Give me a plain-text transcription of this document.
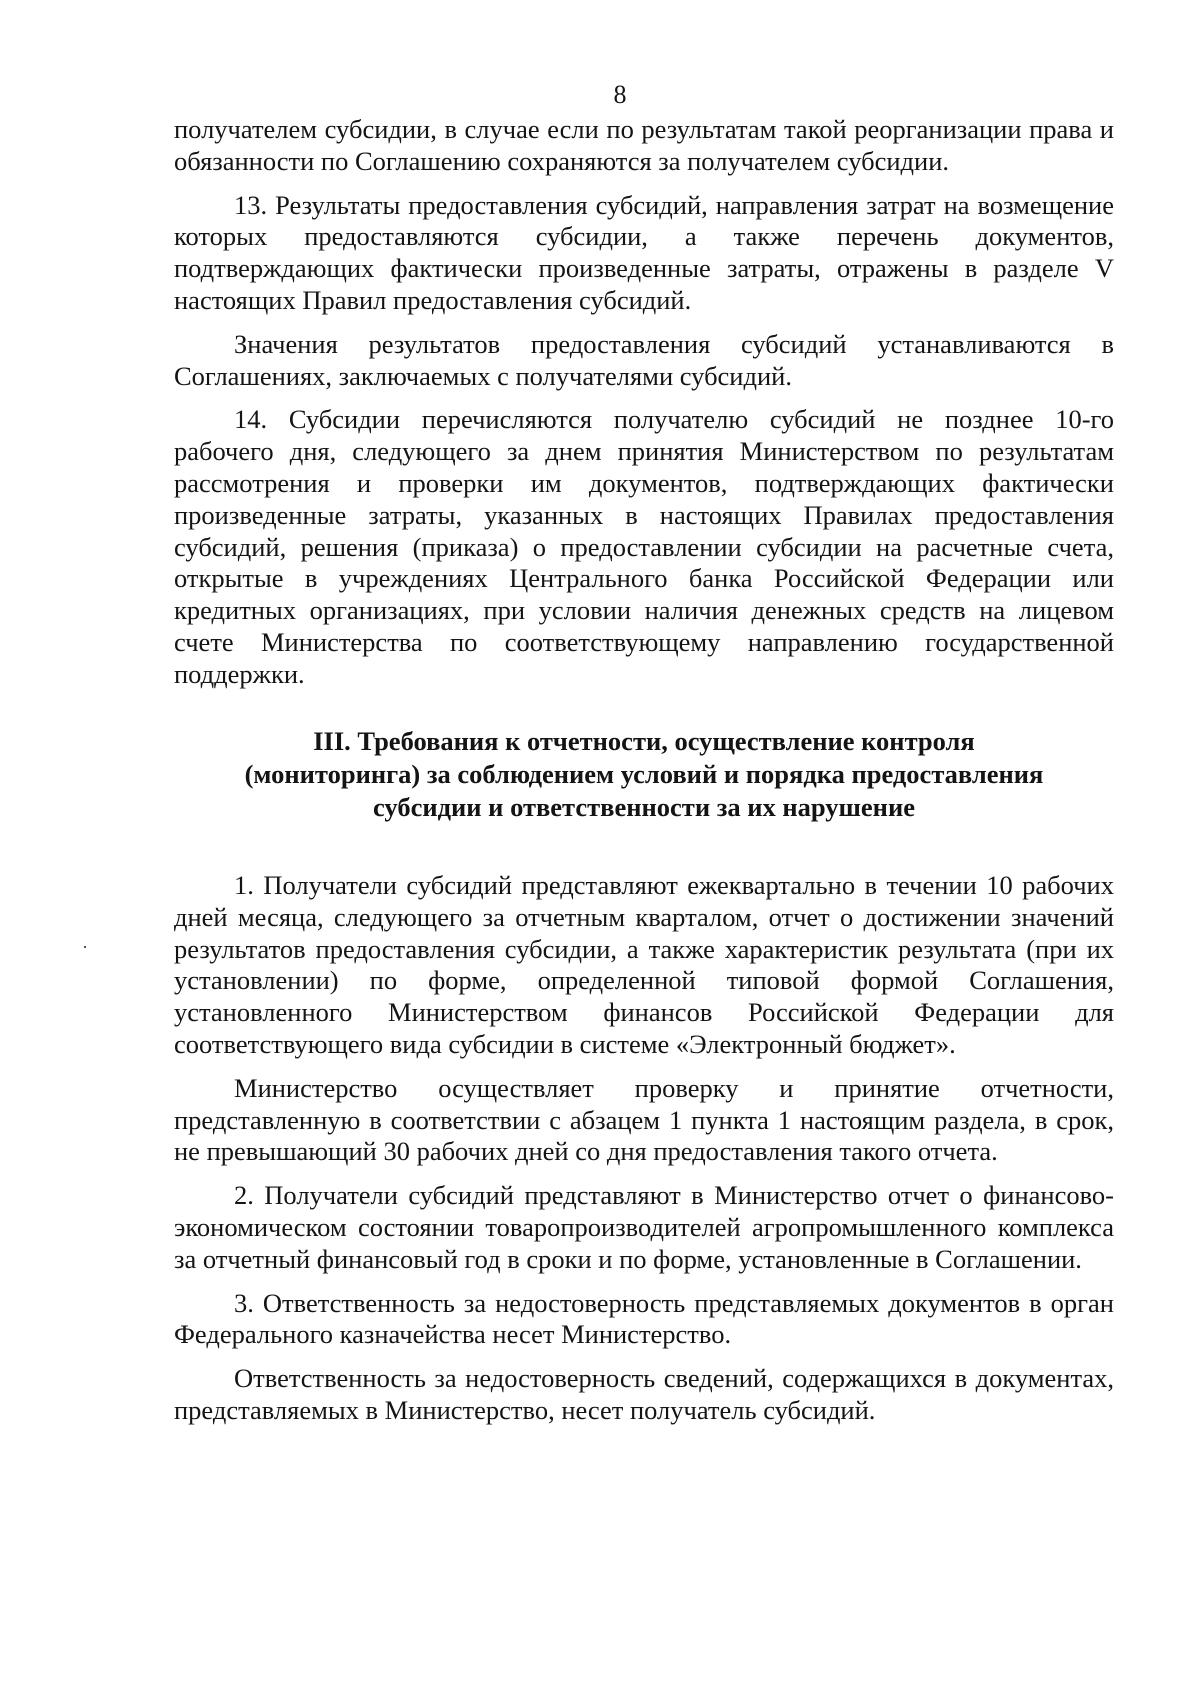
8

получателем субсидии, в случае если по результатам такой реорганизации права и обязанности по Соглашению сохраняются за получателем субсидии.

13. Результаты предоставления субсидий, направления затрат на возмещение которых предоставляются субсидии, а также перечень документов, подтверждающих фактически произведенные затраты, отражены в разделе V настоящих Правил предоставления субсидий.

Значения результатов предоставления субсидий устанавливаются в Соглашениях, заключаемых с получателями субсидий.

14. Субсидии перечисляются получателю субсидий не позднее 10-го рабочего дня, следующего за днем принятия Министерством по результатам рассмотрения и проверки им документов, подтверждающих фактически произведенные затраты, указанных в настоящих Правилах предоставления субсидий, решения (приказа) о предоставлении субсидии на расчетные счета, открытые в учреждениях Центрального банка Российской Федерации или кредитных организациях, при условии наличия денежных средств на лицевом счете Министерства по соответствующему направлению государственной поддержки.

III. Требования к отчетности, осуществление контроля
(мониторинга) за соблюдением условий и порядка предоставления
субсидии и ответственности за их нарушение

1. Получатели субсидий представляют ежеквартально в течении 10 рабочих дней месяца, следующего за отчетным кварталом, отчет о достижении значений результатов предоставления субсидии, а также характеристик результата (при их установлении) по форме, определенной типовой формой Соглашения, установленного Министерством финансов Российской Федерации для соответствующего вида субсидии в системе «Электронный бюджет».

Министерство осуществляет проверку и принятие отчетности, представленную в соответствии с абзацем 1 пункта 1 настоящим раздела, в срок, не превышающий 30 рабочих дней со дня предоставления такого отчета.

2. Получатели субсидий представляют в Министерство отчет о финансово-экономическом состоянии товаропроизводителей агропромышленного комплекса за отчетный финансовый год в сроки и по форме, установленные в Соглашении.

3. Ответственность за недостоверность представляемых документов в орган Федерального казначейства несет Министерство.

Ответственность за недостоверность сведений, содержащихся в документах, представляемых в Министерство, несет получатель субсидий.
